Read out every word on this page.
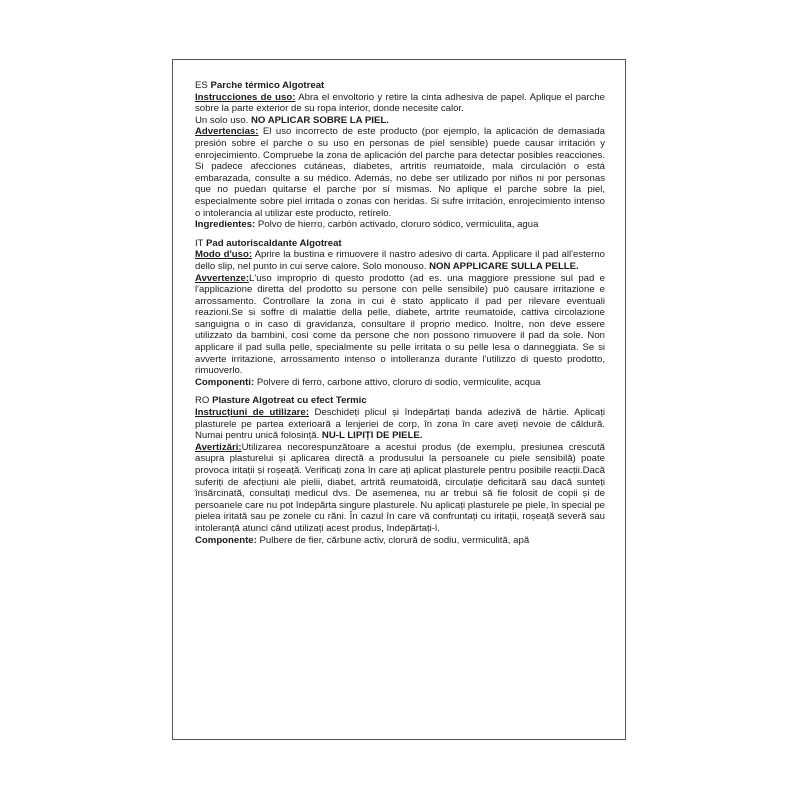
ES Parche térmico Algotreat

Instrucciones de uso: Abra el envoltorio y retire la cinta adhesiva de papel. Aplique el parche sobre la parte exterior de su ropa interior, donde necesite calor.

Un solo uso. NO APLICAR SOBRE LA PIEL.

Advertencias: El uso incorrecto de este producto (por ejemplo, la aplicación de demasiada presión sobre el parche o su uso en personas de piel sensible) puede causar irritación y enrojecimiento. Compruebe la zona de aplicación del parche para detectar posibles reacciones. Si padece afecciones cutáneas, diabetes, artritis reumatoide, mala circulación o está embarazada, consulte a su médico. Además, no debe ser utilizado por niños ni por personas que no puedan quitarse el parche por sí mismas. No aplique el parche sobre la piel, especialmente sobre piel irritada o zonas con heridas. Si sufre irritación, enrojecimiento intenso o intolerancia al utilizar este producto, retírelo.

Ingredientes: Polvo de hierro, carbón activado, cloruro sódico, vermiculita, agua

IT Pad autoriscaldante Algotreat

Modo d'uso: Aprire la bustina e rimuovere il nastro adesivo di carta. Applicare il pad all'esterno dello slip, nel punto in cui serve calore. Solo monouso. NON APPLICARE SULLA PELLE.

Avvertenze:L'uso improprio di questo prodotto (ad es. una maggiore pressione sul pad e l'applicazione diretta del prodotto su persone con pelle sensibile) può causare irritazione e arrossamento. Controllare la zona in cui è stato applicato il pad per rilevare eventuali reazioni.Se si soffre di malattie della pelle, diabete, artrite reumatoide, cattiva circolazione sanguigna o in caso di gravidanza, consultare il proprio medico. Inoltre, non deve essere utilizzato da bambini, così come da persone che non possono rimuovere il pad da sole. Non applicare il pad sulla pelle, specialmente su pelle irritata o su pelle lesa o danneggiata. Se si avverte irritazione, arrossamento intenso o intolleranza durante l'utilizzo di questo prodotto, rimuoverlo.

Componenti: Polvere di ferro, carbone attivo, cloruro di sodio, vermiculite, acqua

RO Plasture Algotreat cu efect Termic

Instrucțiuni de utilizare: Deschideți plicul și îndepărtați banda adezivă de hârtie. Aplicați plasturele pe partea exterioară a lenjeriei de corp, în zona în care aveți nevoie de căldură. Numai pentru unică folosință. NU-L LIPIȚI DE PIELE.

Avertizări:Utilizarea necorespunzătoare a acestui produs (de exemplu, presiunea crescută asupra plasturelui și aplicarea directă a produsului la persoanele cu piele sensibilă) poate provoca iritații și roșeață. Verificați zona în care ați aplicat plasturele pentru posibile reacții.Dacă suferiți de afecțiuni ale pielii, diabet, artrită reumatoidă, circulație deficitară sau dacă sunteți însărcinată, consultați medicul dvs. De asemenea, nu ar trebui să fie folosit de copii și de persoanele care nu pot îndepărta singure plasturele. Nu aplicați plasturele pe piele, în special pe pielea iritată sau pe zonele cu răni. În cazul în care vă confruntați cu iritații, roșeață severă sau intoleranță atunci când utilizați acest produs, îndepărtați-l.

Componente: Pulbere de fier, cărbune activ, clorură de sodiu, vermiculită, apă
